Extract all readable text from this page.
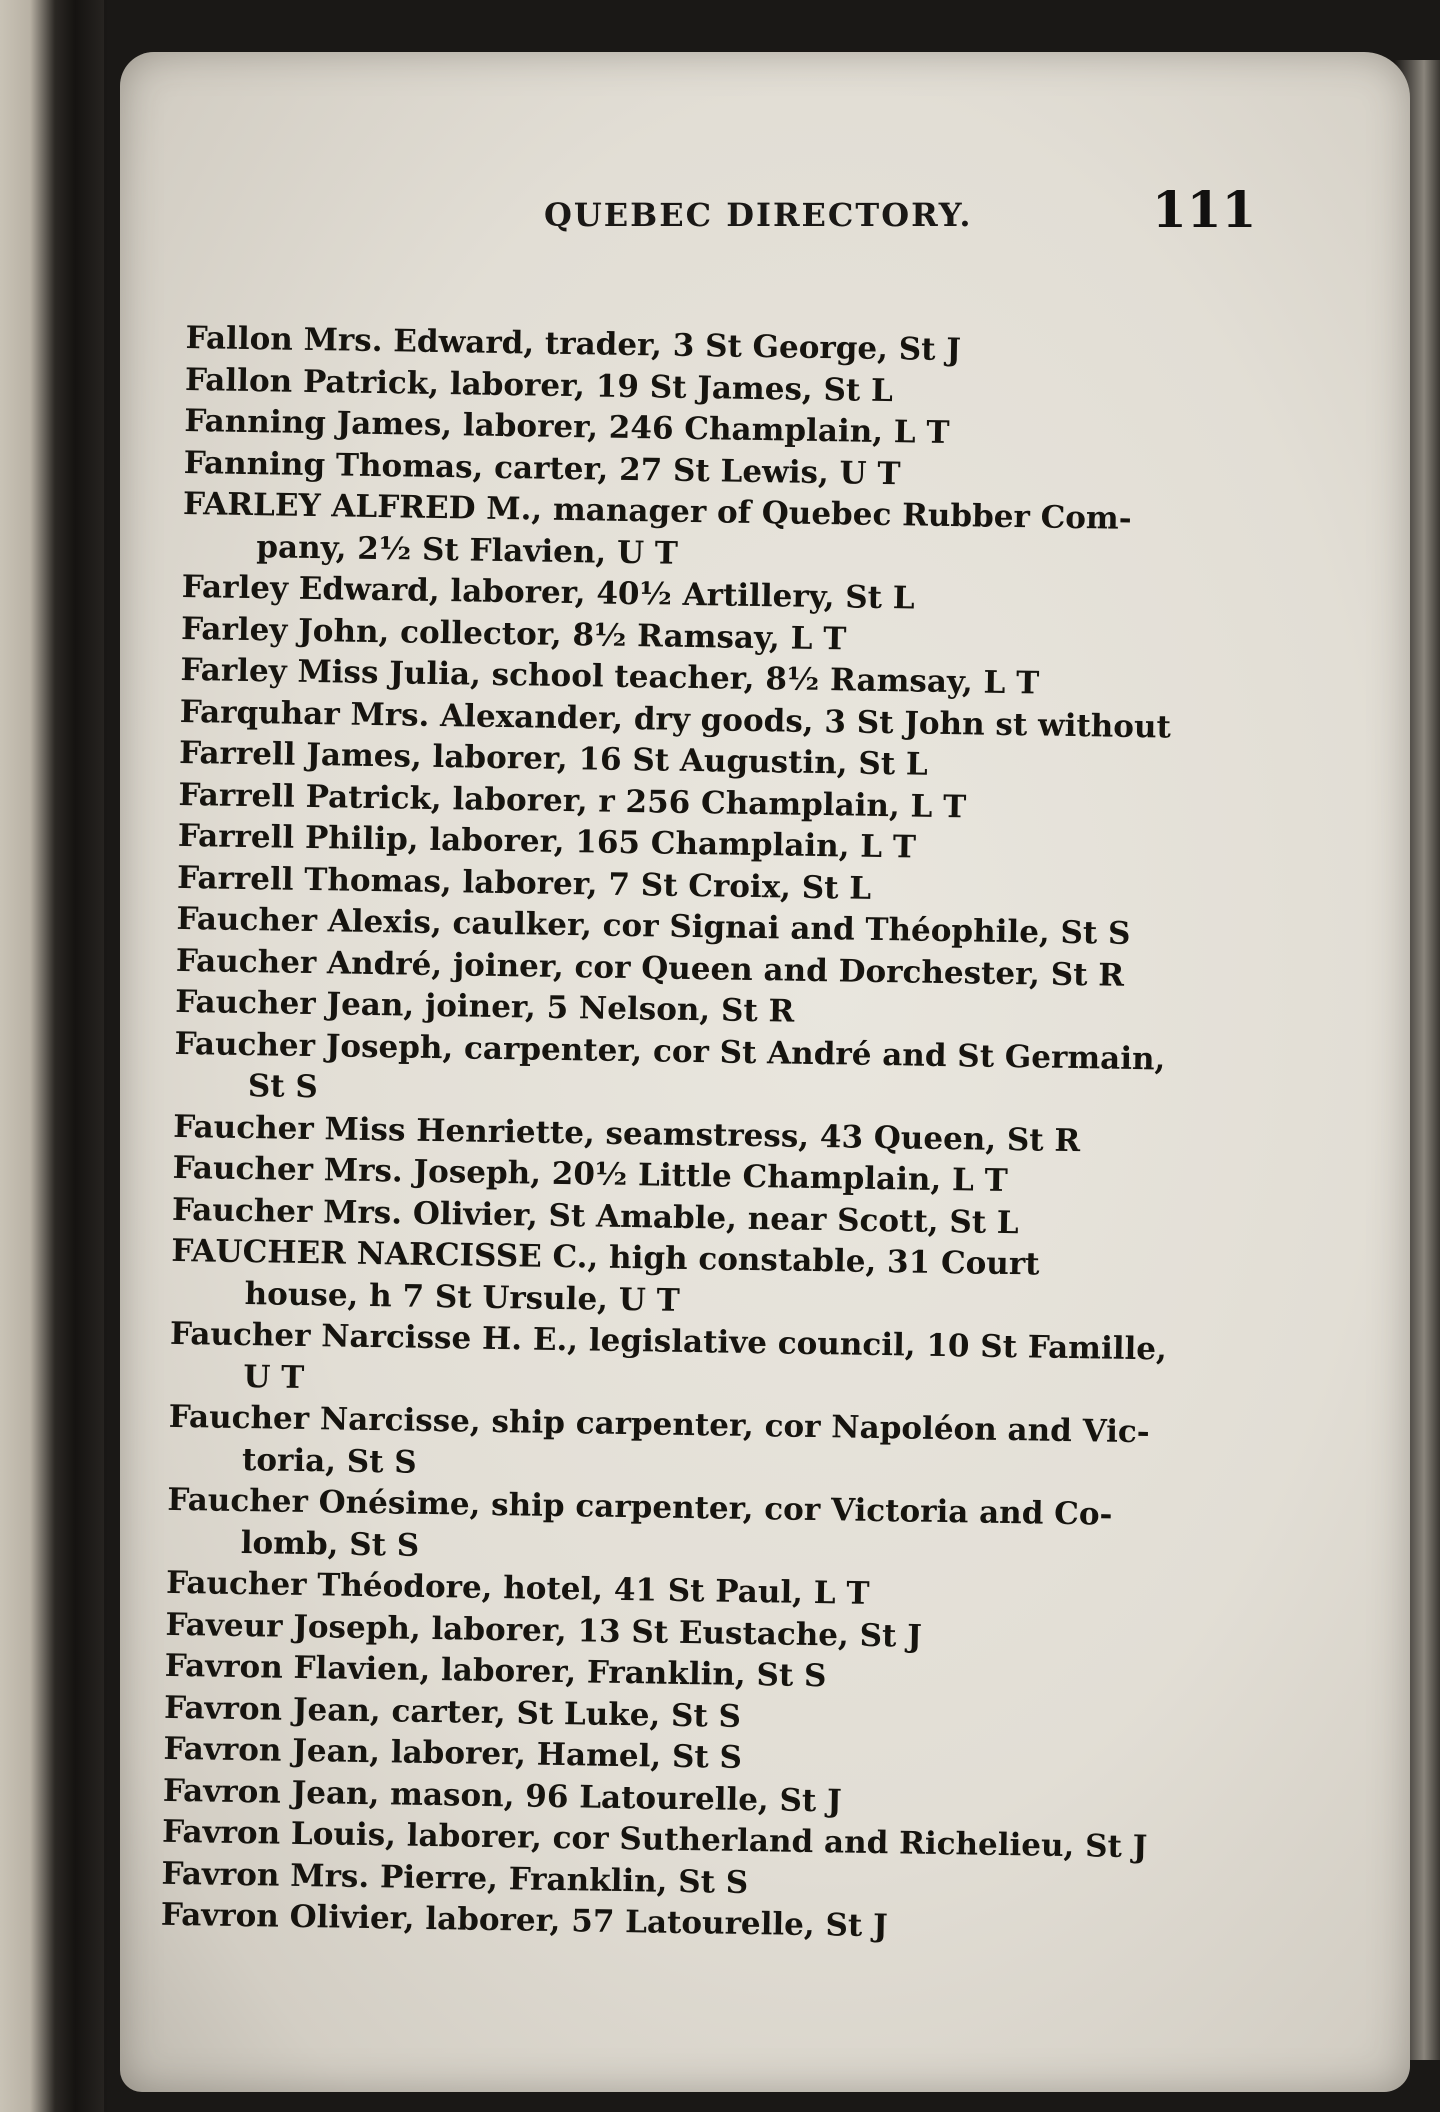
QUEBEC DIRECTORY.	111
Fallon Mrs. Edward, trader, 3 St George, St J
Fallon Patrick, laborer, 19 St James, St L
Fanning James, laborer, 246 Champlain, L T
Fanning Thomas, carter, 27 St Lewis, U T
FARLEY ALFRED M., manager of Quebec Rubber Com-
pany, 2½ St Flavien, U T
Farley Edward, laborer, 40½ Artillery, St L
Farley John, collector, 8½ Ramsay, L T
Farley Miss Julia, school teacher, 8½ Ramsay, L T
Farquhar Mrs. Alexander, dry goods, 3 St John st without
Farrell James, laborer, 16 St Augustin, St L
Farrell Patrick, laborer, r 256 Champlain, L T
Farrell Philip, laborer, 165 Champlain, L T
Farrell Thomas, laborer, 7 St Croix, St L
Faucher Alexis, caulker, cor Signai and Théophile, St S
Faucher André, joiner, cor Queen and Dorchester, St R
Faucher Jean, joiner, 5 Nelson, St R
Faucher Joseph, carpenter, cor St André and St Germain,
St S
Faucher Miss Henriette, seamstress, 43 Queen, St R
Faucher Mrs. Joseph, 20½ Little Champlain, L T
Faucher Mrs. Olivier, St Amable, near Scott, St L
FAUCHER NARCISSE C., high constable, 31 Court
house, h 7 St Ursule, U T
Faucher Narcisse H. E., legislative council, 10 St Famille,
U T
Faucher Narcisse, ship carpenter, cor Napoléon and Vic-
toria, St S
Faucher Onésime, ship carpenter, cor Victoria and Co-
lomb, St S
Faucher Théodore, hotel, 41 St Paul, L T
Faveur Joseph, laborer, 13 St Eustache, St J
Favron Flavien, laborer, Franklin, St S
Favron Jean, carter, St Luke, St S
Favron Jean, laborer, Hamel, St S
Favron Jean, mason, 96 Latourelle, St J
Favron Louis, laborer, cor Sutherland and Richelieu, St J
Favron Mrs. Pierre, Franklin, St S
Favron Olivier, laborer, 57 Latourelle, St J
